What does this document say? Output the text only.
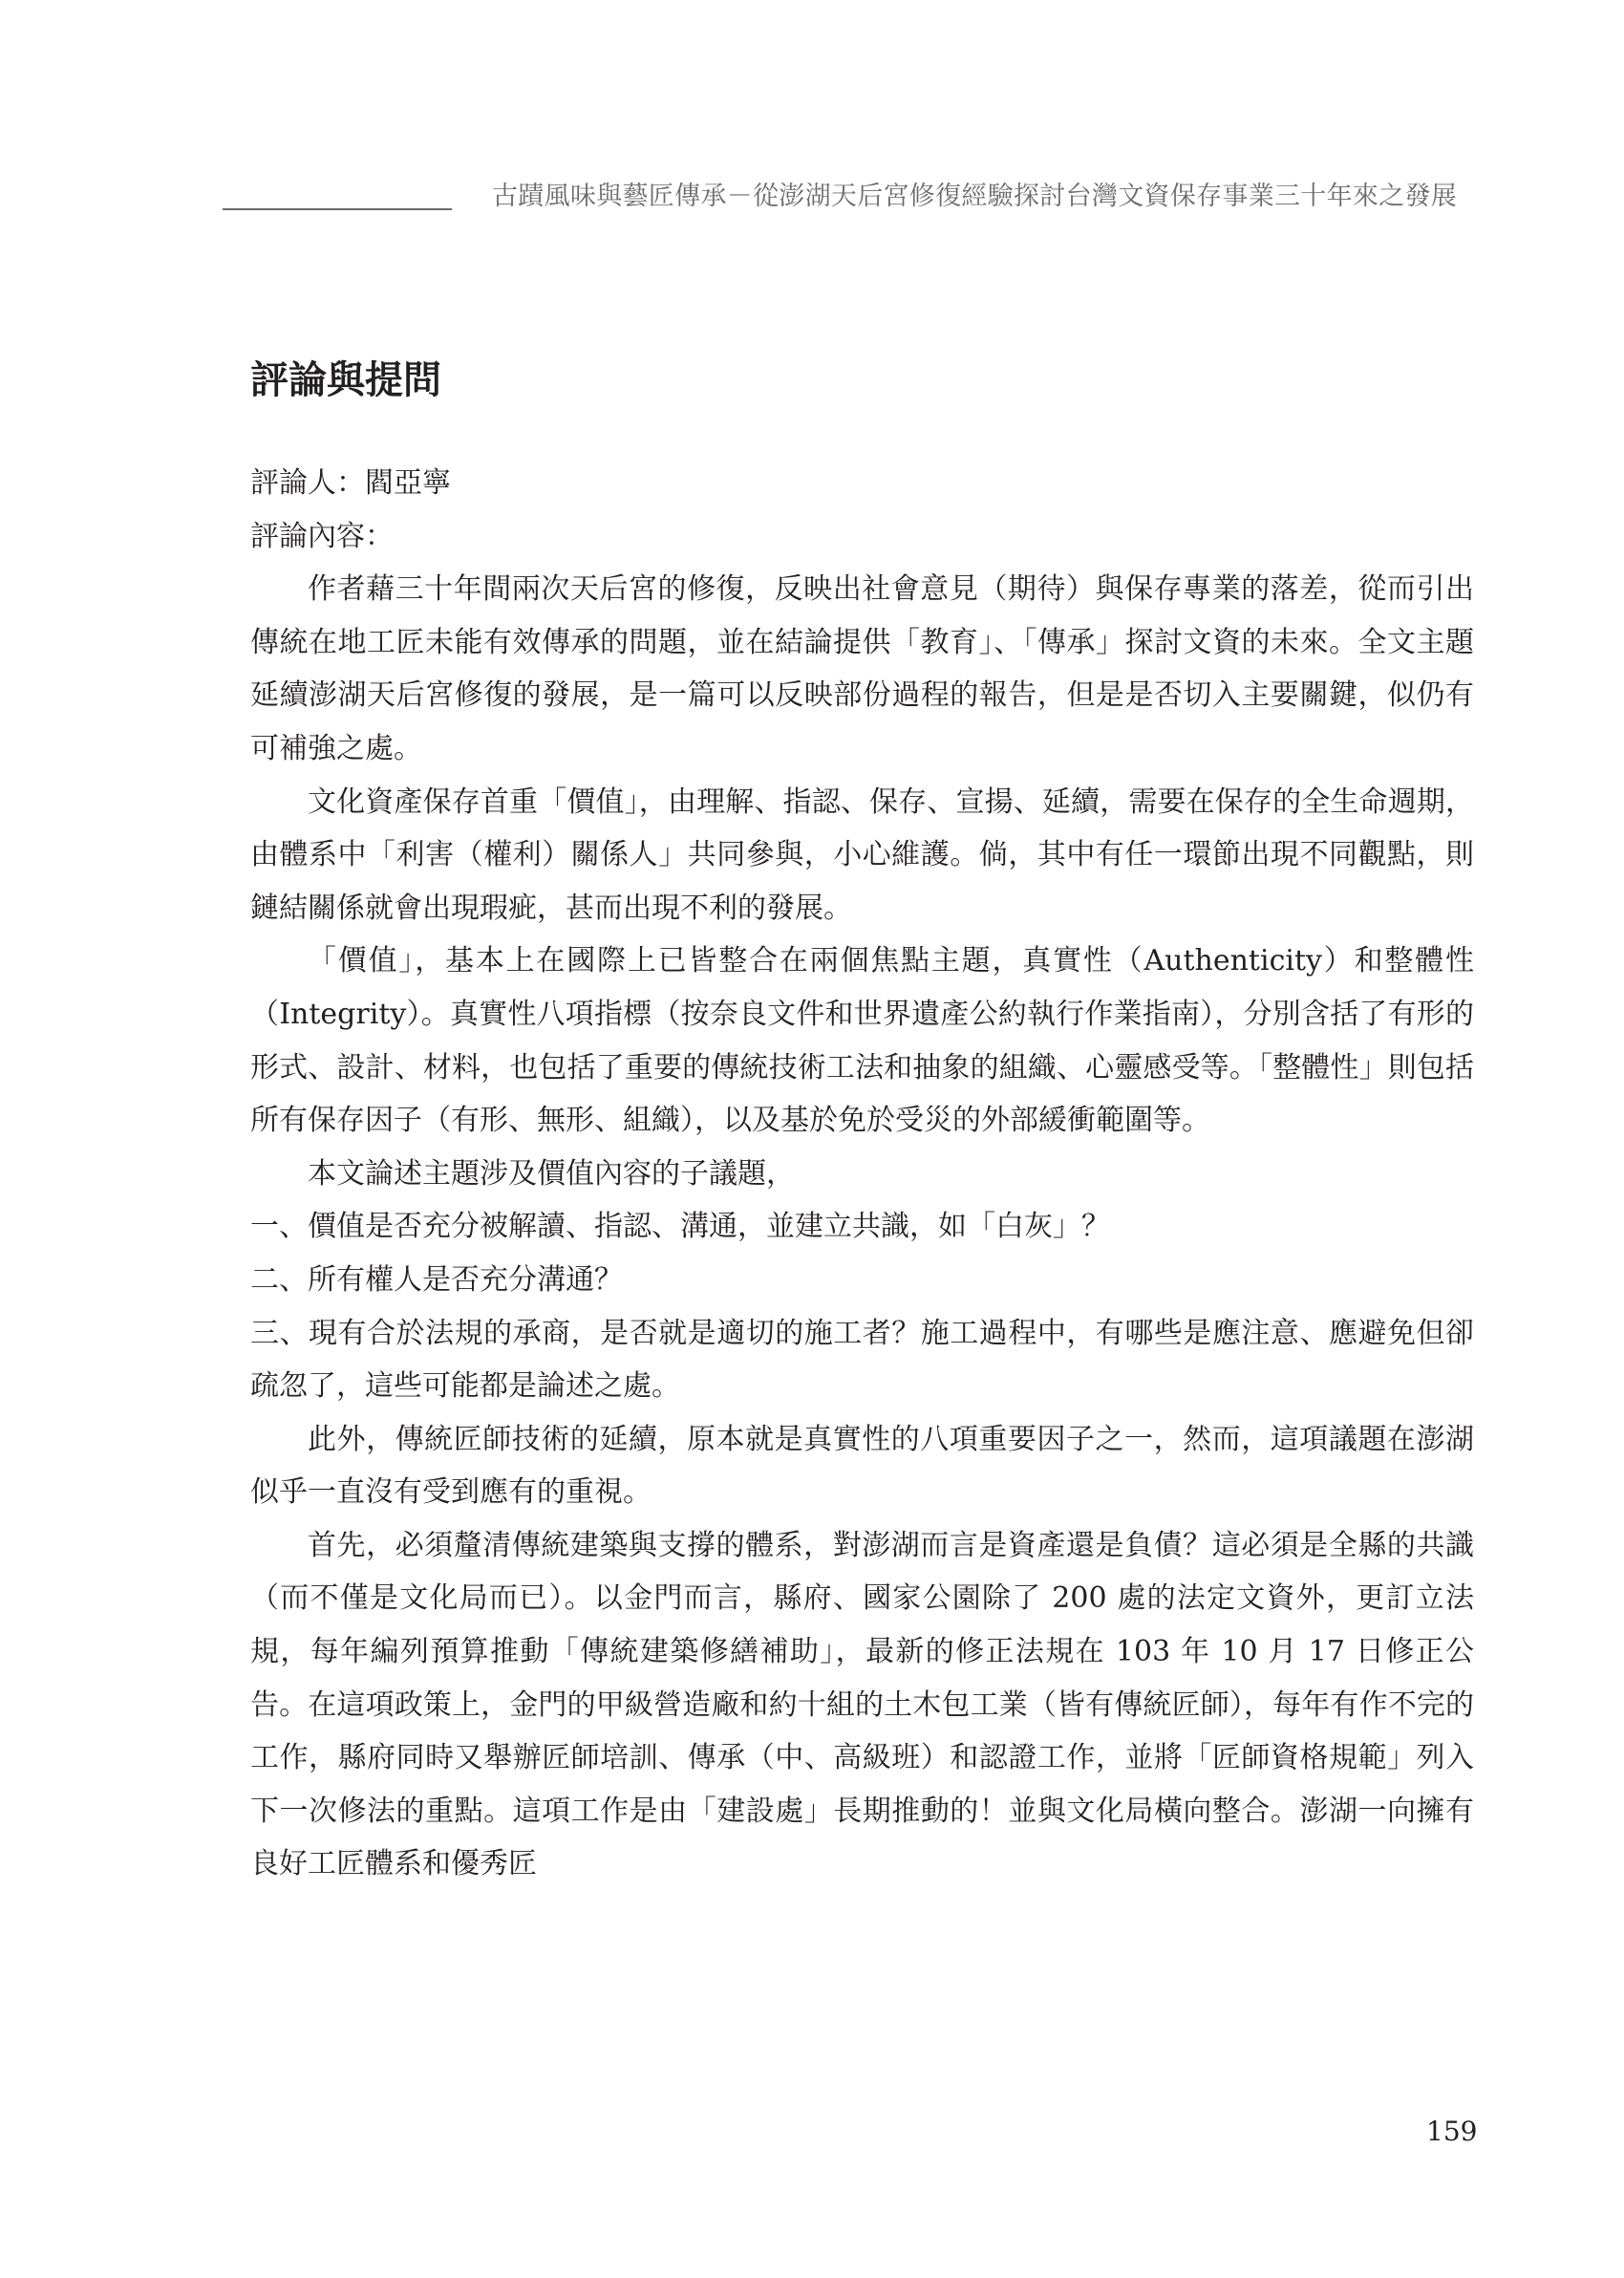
古蹟風味與藝匠傳承－從澎湖天后宮修復經驗探討台灣文資保存事業三十年來之發展
評論與提問

評論人：閻亞寧

評論內容：

作者藉三十年間兩次天后宮的修復，反映出社會意見（期待）與保存專業的落差，從而引出傳統在地工匠未能有效傳承的問題，並在結論提供「教育」、「傳承」探討文資的未來。全文主題延續澎湖天后宮修復的發展，是一篇可以反映部份過程的報告，但是是否切入主要關鍵，似仍有可補強之處。

文化資產保存首重「價值」，由理解、指認、保存、宣揚、延續，需要在保存的全生命週期，由體系中「利害（權利）關係人」共同參與，小心維護。倘，其中有任一環節出現不同觀點，則鏈結關係就會出現瑕疵，甚而出現不利的發展。

「價值」，基本上在國際上已皆整合在兩個焦點主題，真實性（Authenticity）和整體性（Integrity）。真實性八項指標（按奈良文件和世界遺產公約執行作業指南），分別含括了有形的形式、設計、材料，也包括了重要的傳統技術工法和抽象的組織、心靈感受等。「整體性」則包括所有保存因子（有形、無形、組織），以及基於免於受災的外部緩衝範圍等。

本文論述主題涉及價值內容的子議題，

一、價值是否充分被解讀、指認、溝通，並建立共識，如「白灰」？

二、所有權人是否充分溝通？

三、現有合於法規的承商，是否就是適切的施工者？施工過程中，有哪些是應注意、應避免但卻疏忽了，這些可能都是論述之處。

此外，傳統匠師技術的延續，原本就是真實性的八項重要因子之一，然而，這項議題在澎湖似乎一直沒有受到應有的重視。

首先，必須釐清傳統建築與支撐的體系，對澎湖而言是資產還是負債？這必須是全縣的共識（而不僅是文化局而已）。以金門而言，縣府、國家公園除了 200 處的法定文資外，更訂立法規，每年編列預算推動「傳統建築修繕補助」，最新的修正法規在 103 年 10 月 17 日修正公告。在這項政策上，金門的甲級營造廠和約十組的土木包工業（皆有傳統匠師），每年有作不完的工作，縣府同時又舉辦匠師培訓、傳承（中、高級班）和認證工作，並將「匠師資格規範」列入下一次修法的重點。這項工作是由「建設處」長期推動的！並與文化局橫向整合。澎湖一向擁有良好工匠體系和優秀匠

159
